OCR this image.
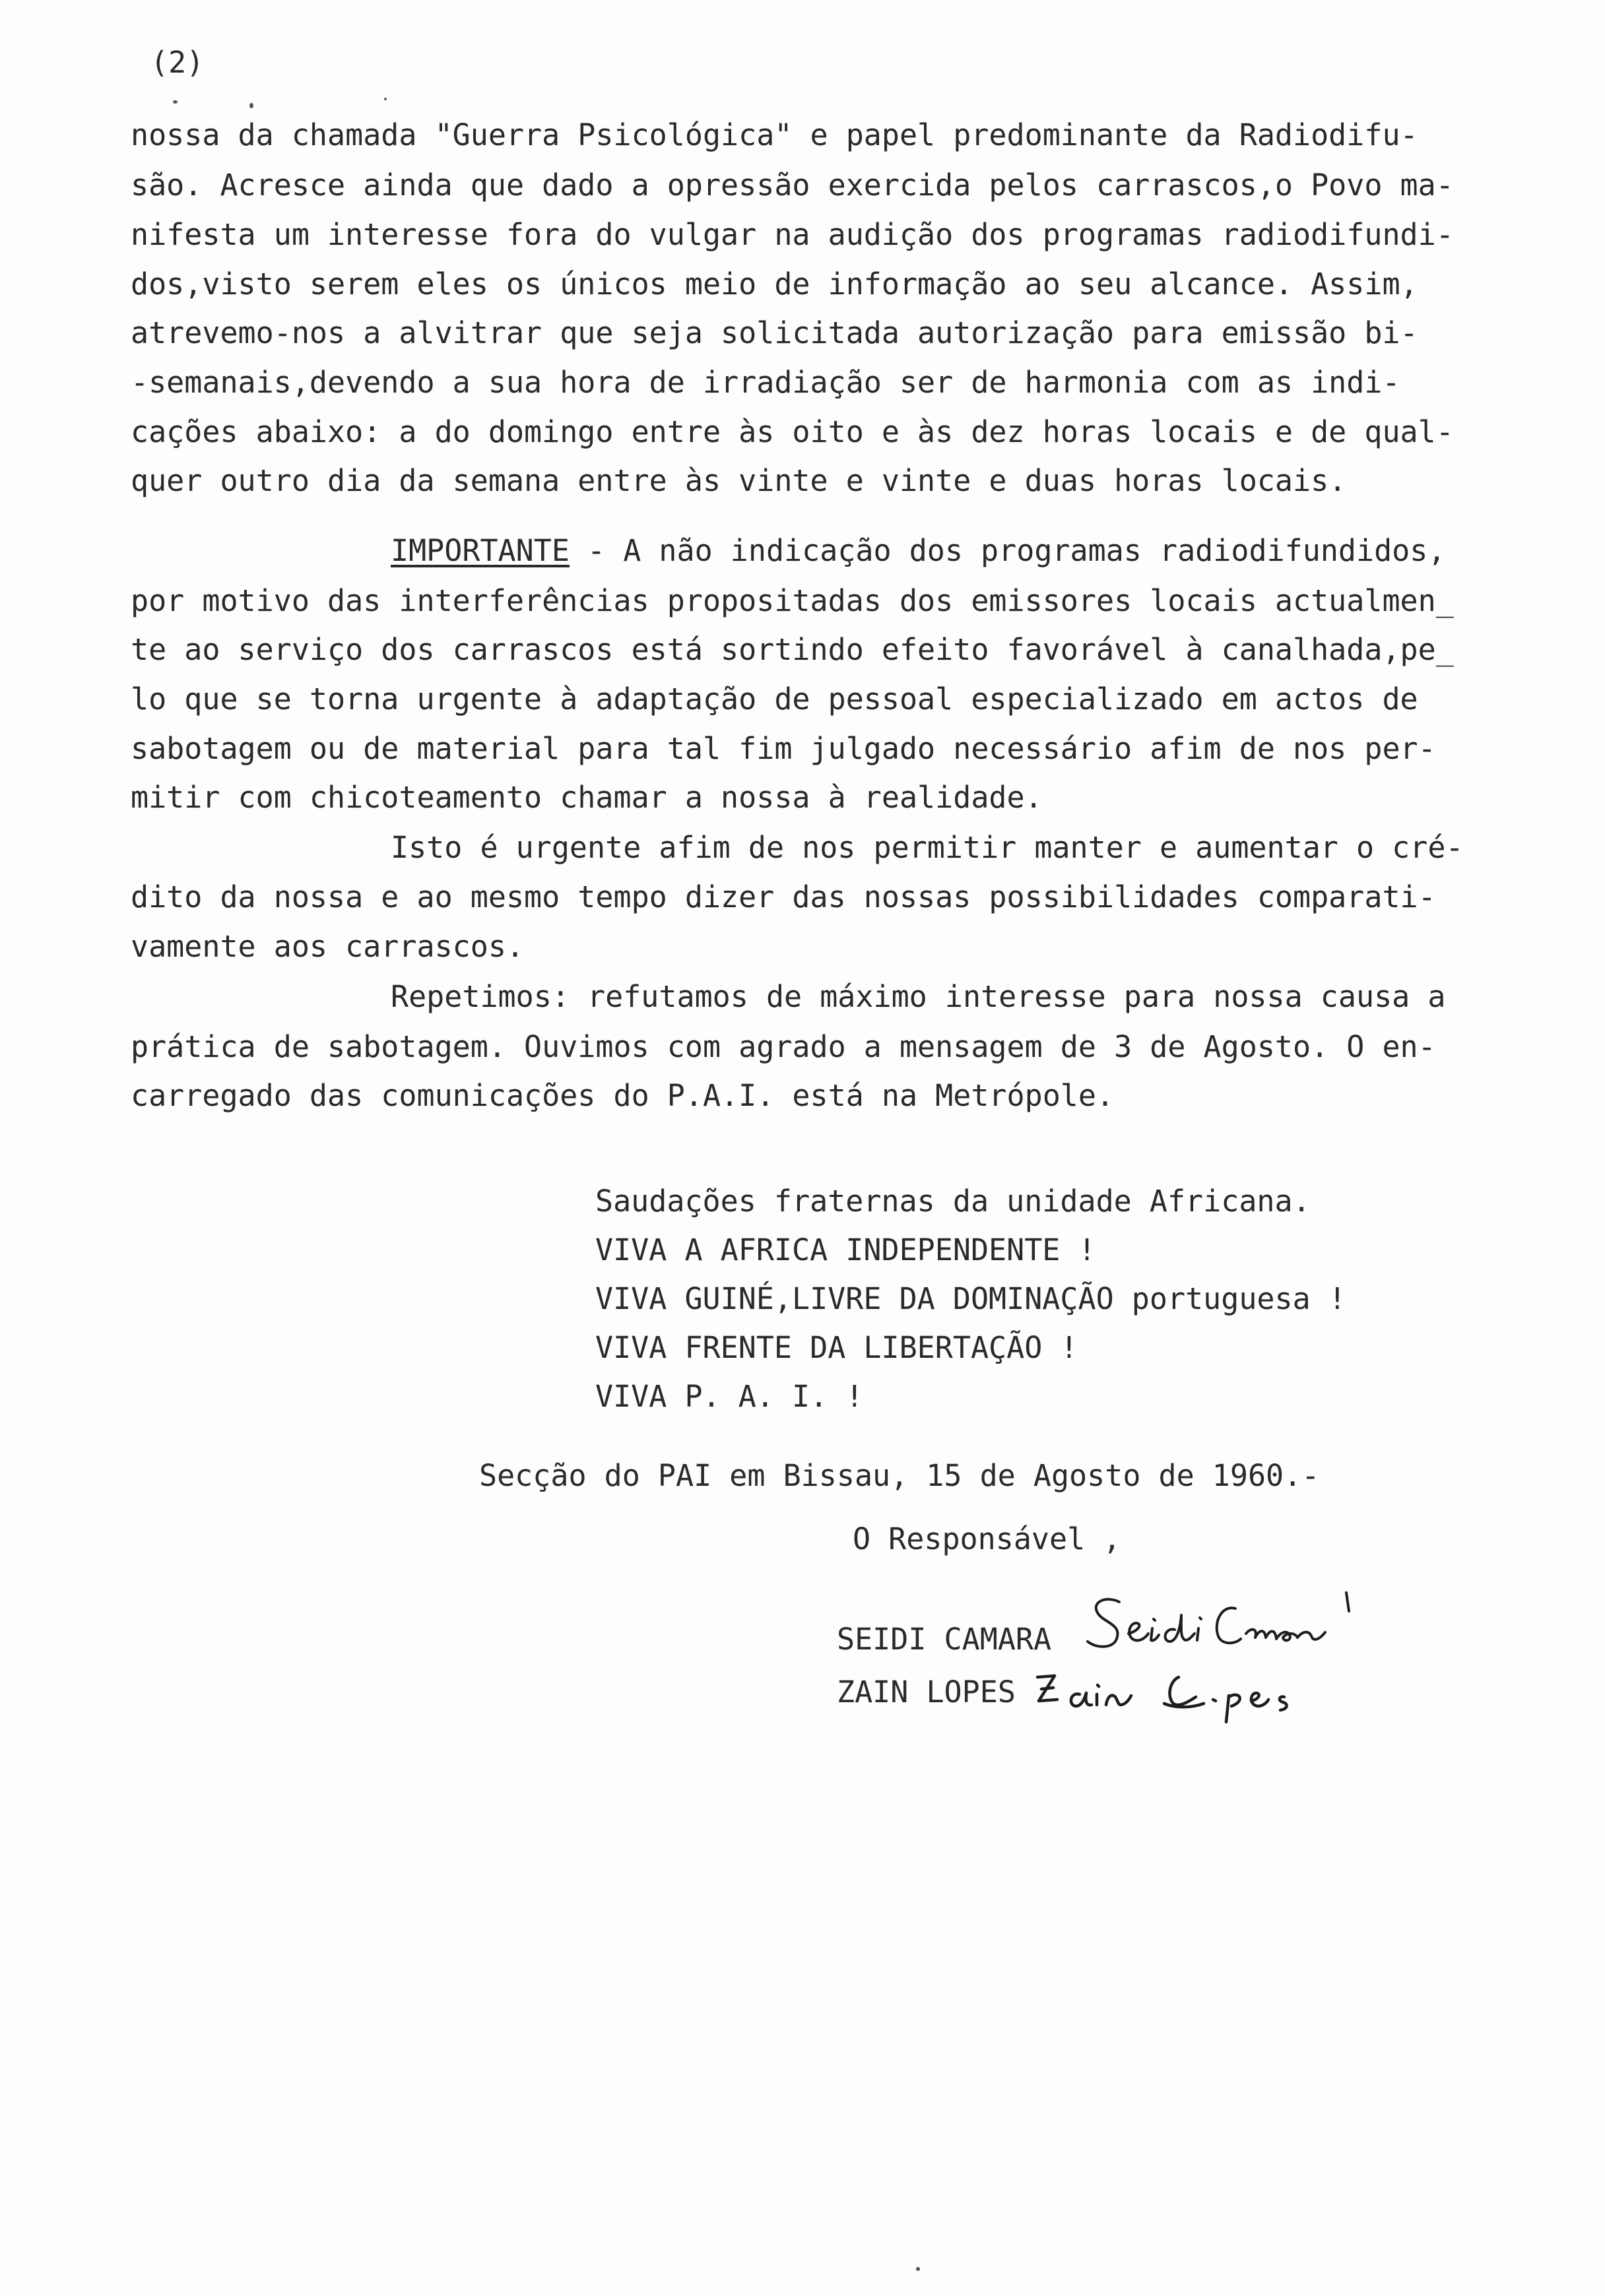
(2)
nossa da chamada "Guerra Psicológica" e papel predominante da Radiodifu-
são. Acresce ainda que dado a opressão exercida pelos carrascos,o Povo ma-
nifesta um interesse fora do vulgar na audição dos programas radiodifundi-
dos,visto serem eles os únicos meio de informação ao seu alcance. Assim,
atrevemo-nos a alvitrar que seja solicitada autorização para emissão bi-
-semanais,devendo a sua hora de irradiação ser de harmonia com as indi-
cações abaixo: a do domingo entre às oito e às dez horas locais e de qual-
quer outro dia da semana entre às vinte e vinte e duas horas locais.
IMPORTANTE - A não indicação dos programas radiodifundidos,
por motivo das interferências propositadas dos emissores locais actualmen_
te ao serviço dos carrascos está sortindo efeito favorável à canalhada,pe_
lo que se torna urgente à adaptação de pessoal especializado em actos de
sabotagem ou de material para tal fim julgado necessário afim de nos per-
mitir com chicoteamento chamar a nossa à realidade.
Isto é urgente afim de nos permitir manter e aumentar o cré-
dito da nossa e ao mesmo tempo dizer das nossas possibilidades comparati-
vamente aos carrascos.
Repetimos: refutamos de máximo interesse para nossa causa a
prática de sabotagem. Ouvimos com agrado a mensagem de 3 de Agosto. O en-
carregado das comunicações do P.A.I. está na Metrópole.
Saudações fraternas da unidade Africana.
VIVA A AFRICA INDEPENDENTE !
VIVA GUINÉ,LIVRE DA DOMINAÇÃO portuguesa !
VIVA FRENTE DA LIBERTAÇÃO !
VIVA P. A. I. !
Secção do PAI em Bissau, 15 de Agosto de 1960.-
O Responsável ,
SEIDI CAMARA
ZAIN LOPES
